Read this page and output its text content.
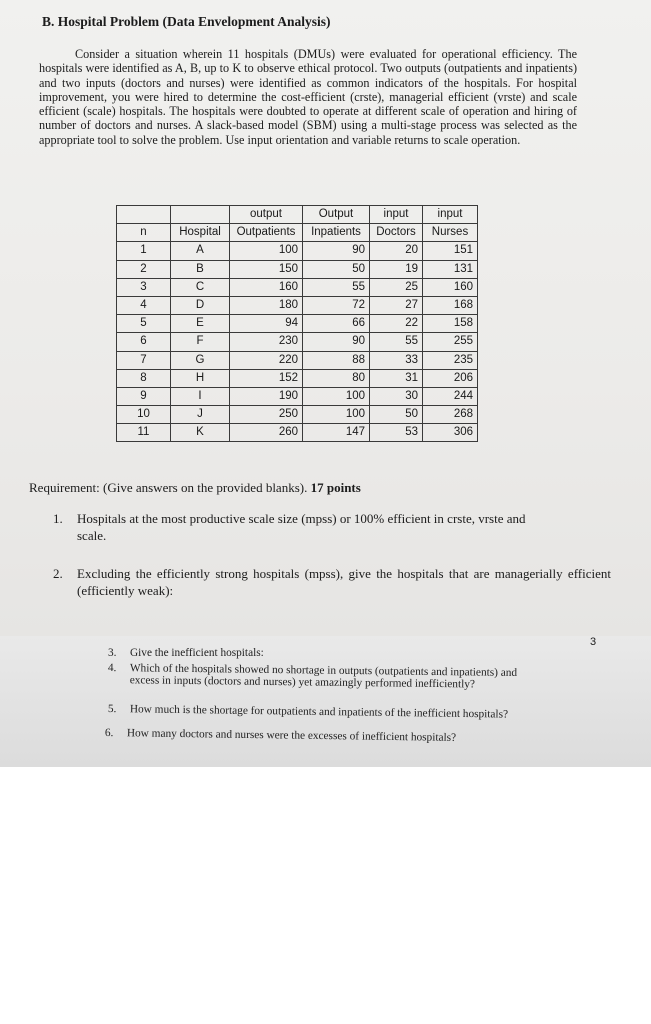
B. Hospital Problem (Data Envelopment Analysis)

Consider a situation wherein 11 hospitals (DMUs) were evaluated for operational efficiency. The hospitals were identified as A, B, up to K to observe ethical protocol. Two outputs (outpatients and inpatients) and two inputs (doctors and nurses) were identified as common indicators of the hospitals. For hospital improvement, you were hired to determine the cost-efficient (crste), managerial efficient (vrste) and scale efficient (scale) hospitals. The hospitals were doubted to operate at different scale of operation and hiring of number of doctors and nurses. A slack-based model (SBM) using a multi-stage process was selected as the appropriate tool to solve the problem. Use input orientation and variable returns to scale operation.

		output	Output	input	input
n	Hospital	Outpatients	Inpatients	Doctors	Nurses
1	A	100	90	20	151
2	B	150	50	19	131
3	C	160	55	25	160
4	D	180	72	27	168
5	E	94	66	22	158
6	F	230	90	55	255
7	G	220	88	33	235
8	H	152	80	31	206
9	I	190	100	30	244
10	J	250	100	50	268
11	K	260	147	53	306
Requirement: (Give answers on the provided blanks). 17 points
1. Hospitals at the most productive scale size (mpss) or 100% efficient in crste, vrste and
scale.
2. Excluding the efficiently strong hospitals (mpss), give the hospitals that are managerially efficient (efficiently weak):
3
3. Give the inefficient hospitals:
4. Which of the hospitals showed no shortage in outputs (outpatients and inpatients) and
excess in inputs (doctors and nurses) yet amazingly performed inefficiently?
5. How much is the shortage for outpatients and inpatients of the inefficient hospitals?
6. How many doctors and nurses were the excesses of inefficient hospitals?
